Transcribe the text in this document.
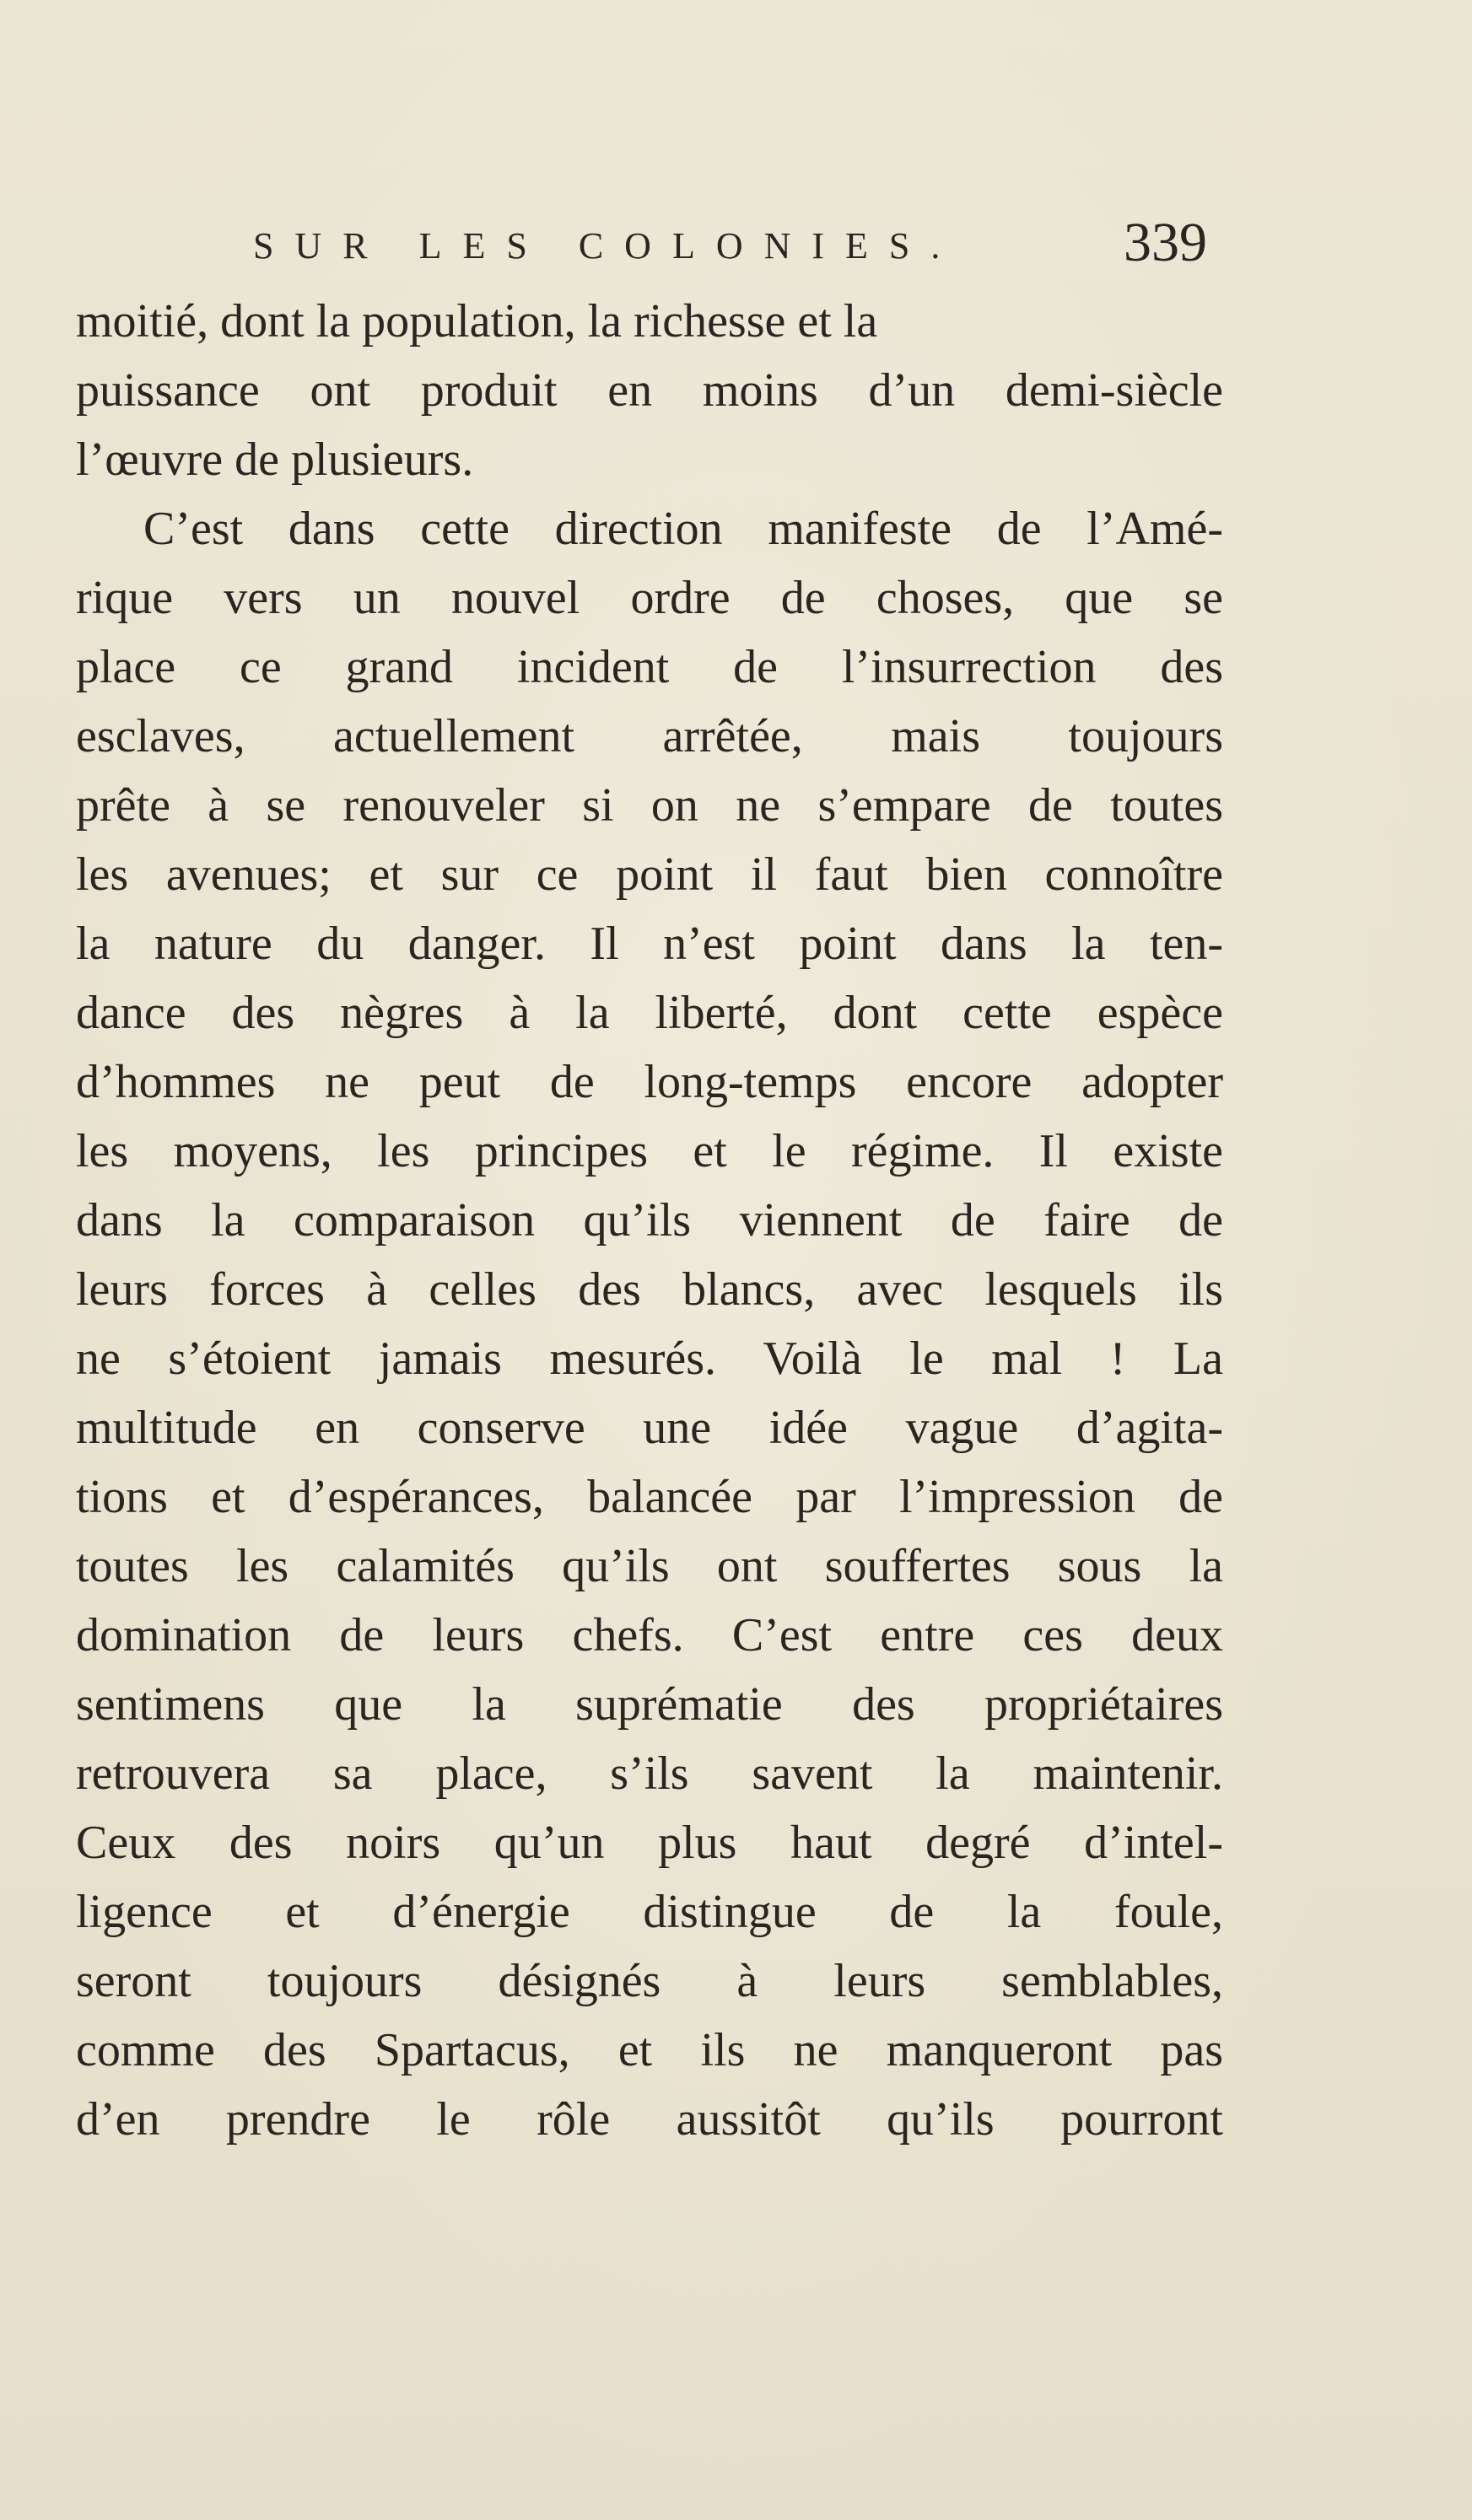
SUR LES COLONIES.	339
moitié, dont la population, la richesse et la
puissance ont produit en moins d’un demi-siècle
l’œuvre de plusieurs.
C’est dans cette direction manifeste de l’Amé-
rique vers un nouvel ordre de choses, que se
place ce grand incident de l’insurrection des
esclaves, actuellement arrêtée, mais toujours
prête à se renouveler si on ne s’empare de toutes
les avenues; et sur ce point il faut bien connoître
la nature du danger. Il n’est point dans la ten-
dance des nègres à la liberté, dont cette espèce
d’hommes ne peut de long-temps encore adopter
les moyens, les principes et le régime. Il existe
dans la comparaison qu’ils viennent de faire de
leurs forces à celles des blancs, avec lesquels ils
ne s’étoient jamais mesurés. Voilà le mal ! La
multitude en conserve une idée vague d’agita-
tions et d’espérances, balancée par l’impression de
toutes les calamités qu’ils ont souffertes sous la
domination de leurs chefs. C’est entre ces deux
sentimens que la suprématie des propriétaires
retrouvera sa place, s’ils savent la maintenir.
Ceux des noirs qu’un plus haut degré d’intel-
ligence et d’énergie distingue de la foule,
seront toujours désignés à leurs semblables,
comme des Spartacus, et ils ne manqueront pas
d’en prendre le rôle aussitôt qu’ils pourront
